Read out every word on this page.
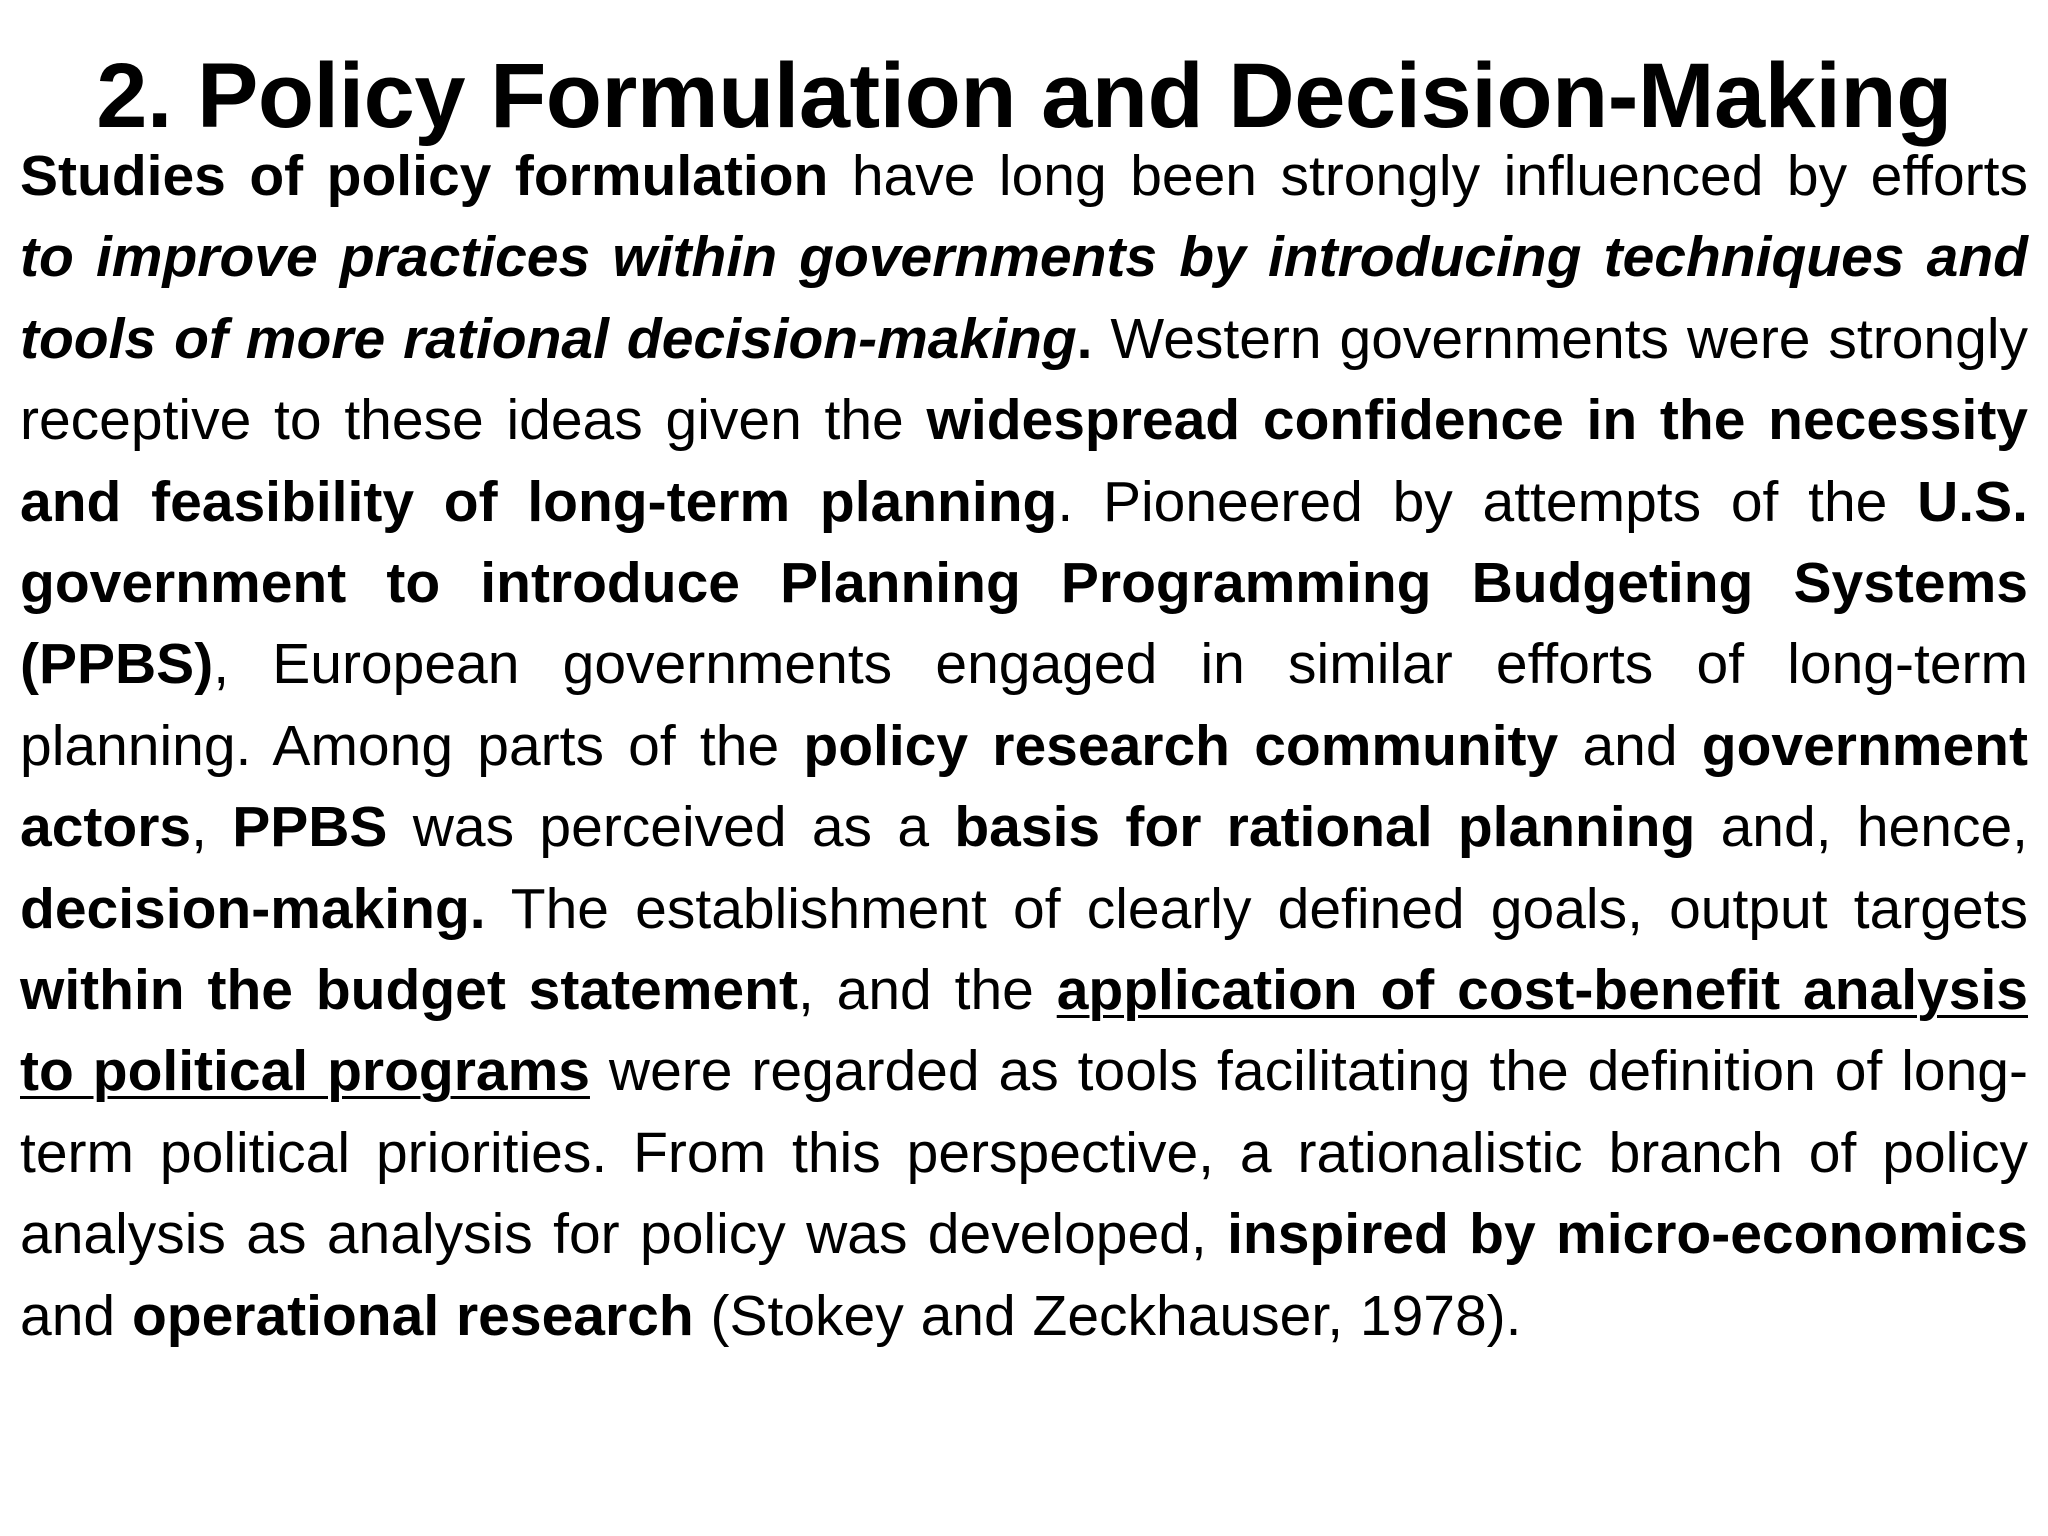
2. Policy Formulation and Decision-Making

Studies of policy formulation have long been strongly influenced by efforts to improve practices within governments by introducing techniques and tools of more rational decision-making. Western governments were strongly receptive to these ideas given the widespread confidence in the necessity and feasibility of long-term planning. Pioneered by attempts of the U.S. government to introduce Planning Programming Budgeting Systems (PPBS), European governments engaged in similar efforts of long-term planning. Among parts of the policy research community and government actors, PPBS was perceived as a basis for rational planning and, hence, decision-making. The establishment of clearly defined goals, output targets within the budget statement, and the application of cost-benefit analysis to political programs were regarded as tools facilitating the definition of long-term political priorities. From this perspective, a rationalistic branch of policy analysis as analysis for policy was developed, inspired by micro-economics and operational research (Stokey and Zeckhauser, 1978).
